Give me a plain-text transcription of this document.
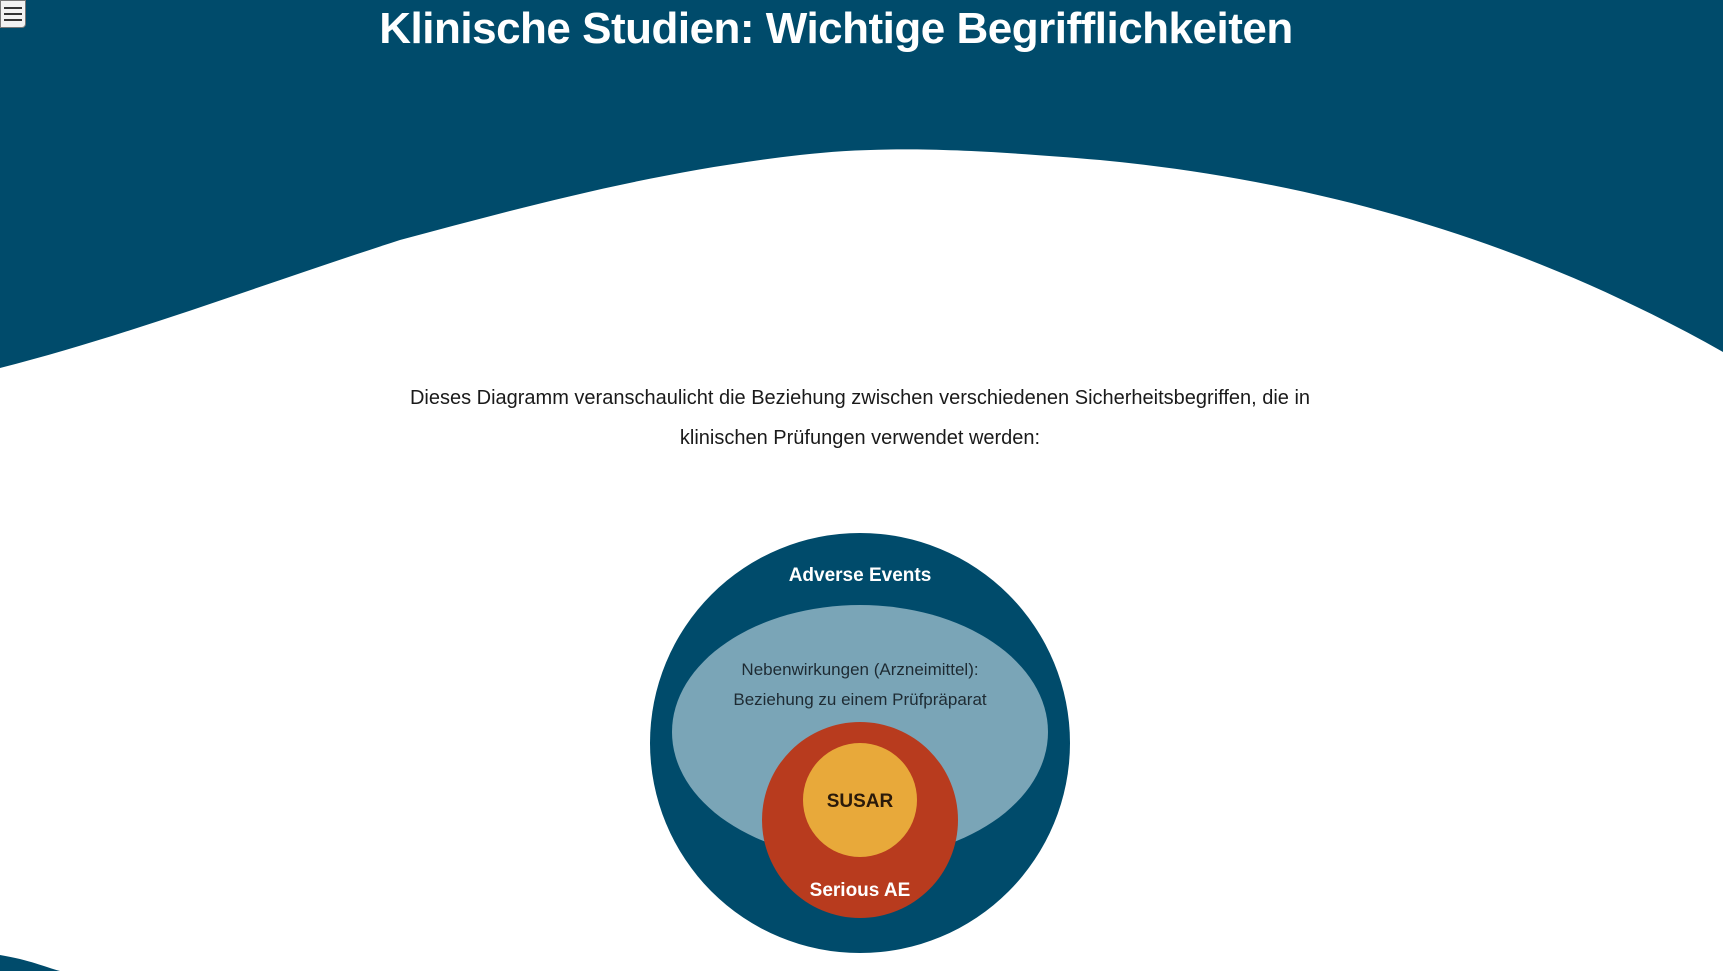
Klinische Studien: Wichtige Begrifflichkeiten

Dieses Diagramm veranschaulicht die Beziehung zwischen verschiedenen Sicherheitsbegriffen, die in
klinischen Prüfungen verwendet werden:

Adverse Events
Nebenwirkungen (Arzneimittel):
Beziehung zu einem Prüfpräparat
SUSAR
Serious AE
